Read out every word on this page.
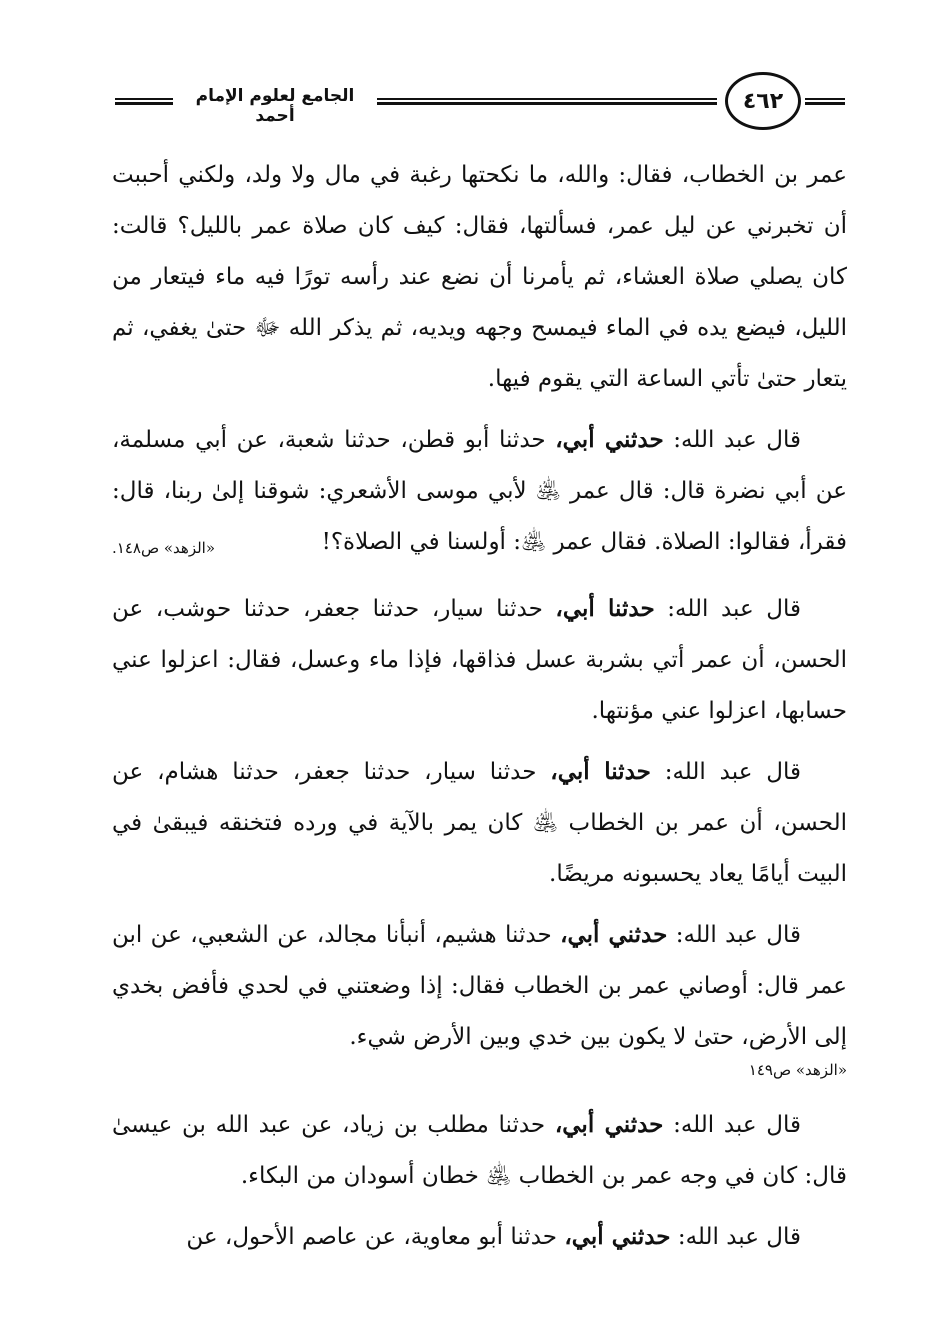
الجامع لعلوم الإمام أحمد
٤٦٢

عمر بن الخطاب، فقال: والله، ما نكحتها رغبة في مال ولا ولد، ولكني أحببت أن تخبرني عن ليل عمر، فسألتها، فقال: كيف كان صلاة عمر بالليل؟ قالت: كان يصلي صلاة العشاء، ثم يأمرنا أن نضع عند رأسه تورًا فيه ماء فيتعار من الليل، فيضع يده في الماء فيمسح وجهه ويديه، ثم يذكر الله ﷻ حتىٰ يغفي، ثم يتعار حتىٰ تأتي الساعة التي يقوم فيها.

قال عبد الله: حدثني أبي، حدثنا أبو قطن، حدثنا شعبة، عن أبي مسلمة، عن أبي نضرة قال: قال عمر ﵁ لأبي موسى الأشعري: شوقنا إلىٰ ربنا، قال: فقرأ، فقالوا: الصلاة. فقال عمر ﵁: أولسنا في الصلاة؟!

«الزهد» ص١٤٨.

قال عبد الله: حدثنا أبي، حدثنا سيار، حدثنا جعفر، حدثنا حوشب، عن الحسن، أن عمر أتي بشربة عسل فذاقها، فإذا ماء وعسل، فقال: اعزلوا عني حسابها، اعزلوا عني مؤنتها.

قال عبد الله: حدثنا أبي، حدثنا سيار، حدثنا جعفر، حدثنا هشام، عن الحسن، أن عمر بن الخطاب ﵁ كان يمر بالآية في ورده فتخنقه فيبقىٰ في البيت أيامًا يعاد يحسبونه مريضًا.

قال عبد الله: حدثني أبي، حدثنا هشيم، أنبأنا مجالد، عن الشعبي، عن ابن عمر قال: أوصاني عمر بن الخطاب فقال: إذا وضعتني في لحدي فأفض بخدي إلى الأرض، حتىٰ لا يكون بين خدي وبين الأرض شيء.

«الزهد» ص١٤٩

قال عبد الله: حدثني أبي، حدثنا مطلب بن زياد، عن عبد الله بن عيسىٰ قال: كان في وجه عمر بن الخطاب ﵁ خطان أسودان من البكاء.

قال عبد الله: حدثني أبي، حدثنا أبو معاوية، عن عاصم الأحول، عن
